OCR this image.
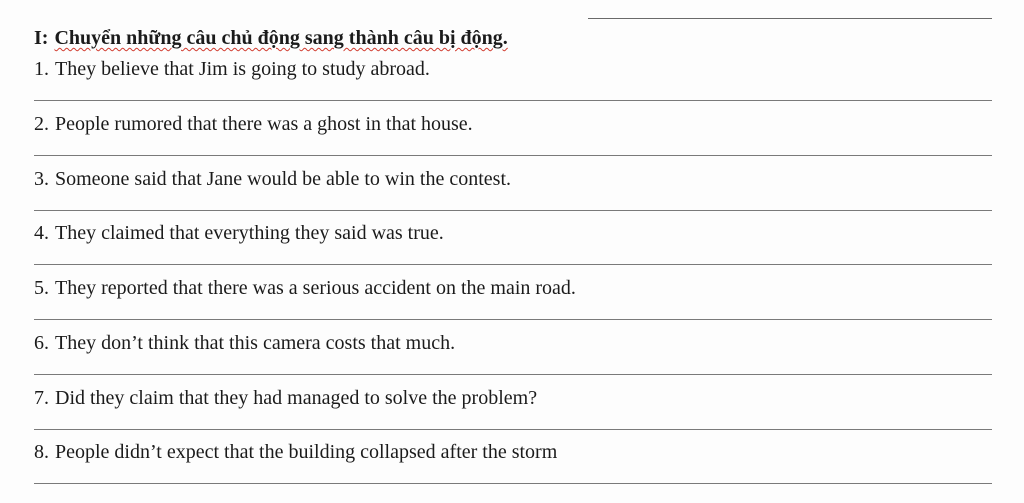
I: Chuyển những câu chủ động sang thành câu bị động.
1. They believe that Jim is going to study abroad.
2. People rumored that there was a ghost in that house.
3. Someone said that Jane would be able to win the contest.
4. They claimed that everything they said was true.
5. They reported that there was a serious accident on the main road.
6. They don’t think that this camera costs that much.
7. Did they claim that they had managed to solve the problem?
8. People didn’t expect that the building collapsed after the storm
